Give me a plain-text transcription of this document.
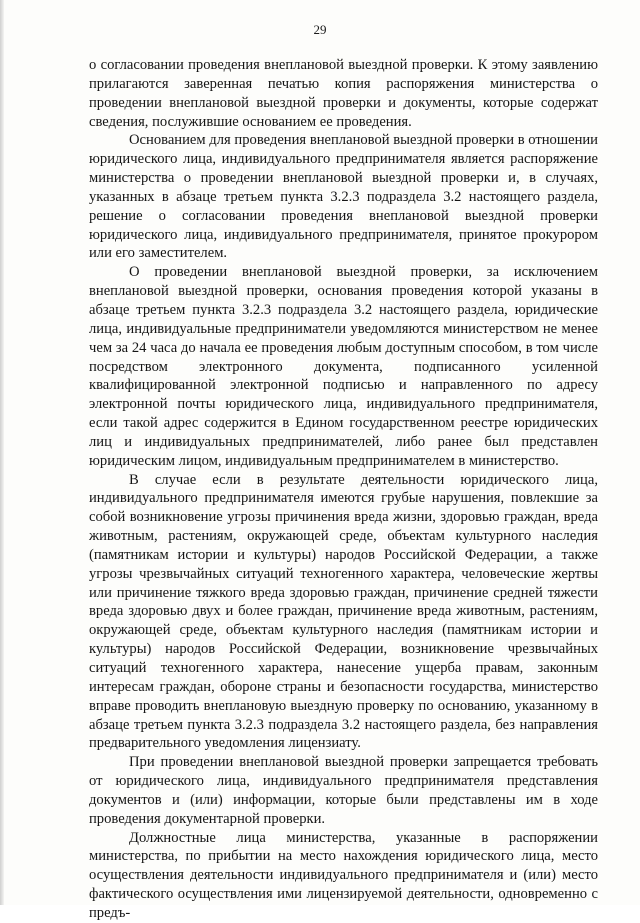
29

о согласовании проведения внеплановой выездной проверки. К этому заявлению прилагаются заверенная печатью копия распоряжения министерства о проведении внеплановой выездной проверки и документы, которые содержат сведения, послужившие основанием ее проведения.

Основанием для проведения внеплановой выездной проверки в отношении юридического лица, индивидуального предпринимателя является распоряжение министерства о проведении внеплановой выездной проверки и, в случаях, указанных в абзаце третьем пункта 3.2.3 подраздела 3.2 настоящего раздела, решение о согласовании проведения внеплановой выездной проверки юридического лица, индивидуального предпринимателя, принятое прокурором или его заместителем.

О проведении внеплановой выездной проверки, за исключением внеплановой выездной проверки, основания проведения которой указаны в абзаце третьем пункта 3.2.3 подраздела 3.2 настоящего раздела, юридические лица, индивидуальные предприниматели уведомляются министерством не менее чем за 24 часа до начала ее проведения любым доступным способом, в том числе посредством электронного документа, подписанного усиленной квалифицированной электронной подписью и направленного по адресу электронной почты юридического лица, индивидуального предпринимателя, если такой адрес содержится в Едином государственном реестре юридических лиц и индивидуальных предпринимателей, либо ранее был представлен юридическим лицом, индивидуальным предпринимателем в министерство.

В случае если в результате деятельности юридического лица, индивидуального предпринимателя имеются грубые нарушения, повлекшие за собой возникновение угрозы причинения вреда жизни, здоровью граждан, вреда животным, растениям, окружающей среде, объектам культурного наследия (памятникам истории и культуры) народов Российской Федерации, а также угрозы чрезвычайных ситуаций техногенного характера, человеческие жертвы или причинение тяжкого вреда здоровью граждан, причинение средней тяжести вреда здоровью двух и более граждан, причинение вреда животным, растениям, окружающей среде, объектам культурного наследия (памятникам истории и культуры) народов Российской Федерации, возникновение чрезвычайных ситуаций техногенного характера, нанесение ущерба правам, законным интересам граждан, обороне страны и безопасности государства, министерство вправе проводить внеплановую выездную проверку по основанию, указанному в абзаце третьем пункта 3.2.3 подраздела 3.2 настоящего раздела, без направления предварительного уведомления лицензиату.

При проведении внеплановой выездной проверки запрещается требовать от юридического лица, индивидуального предпринимателя представления документов и (или) информации, которые были представлены им в ходе проведения документарной проверки.

Должностные лица министерства, указанные в распоряжении министерства, по прибытии на место нахождения юридического лица, место осуществления деятельности индивидуального предпринимателя и (или) место фактического осуществления ими лицензируемой деятельности, одновременно с предъ-
